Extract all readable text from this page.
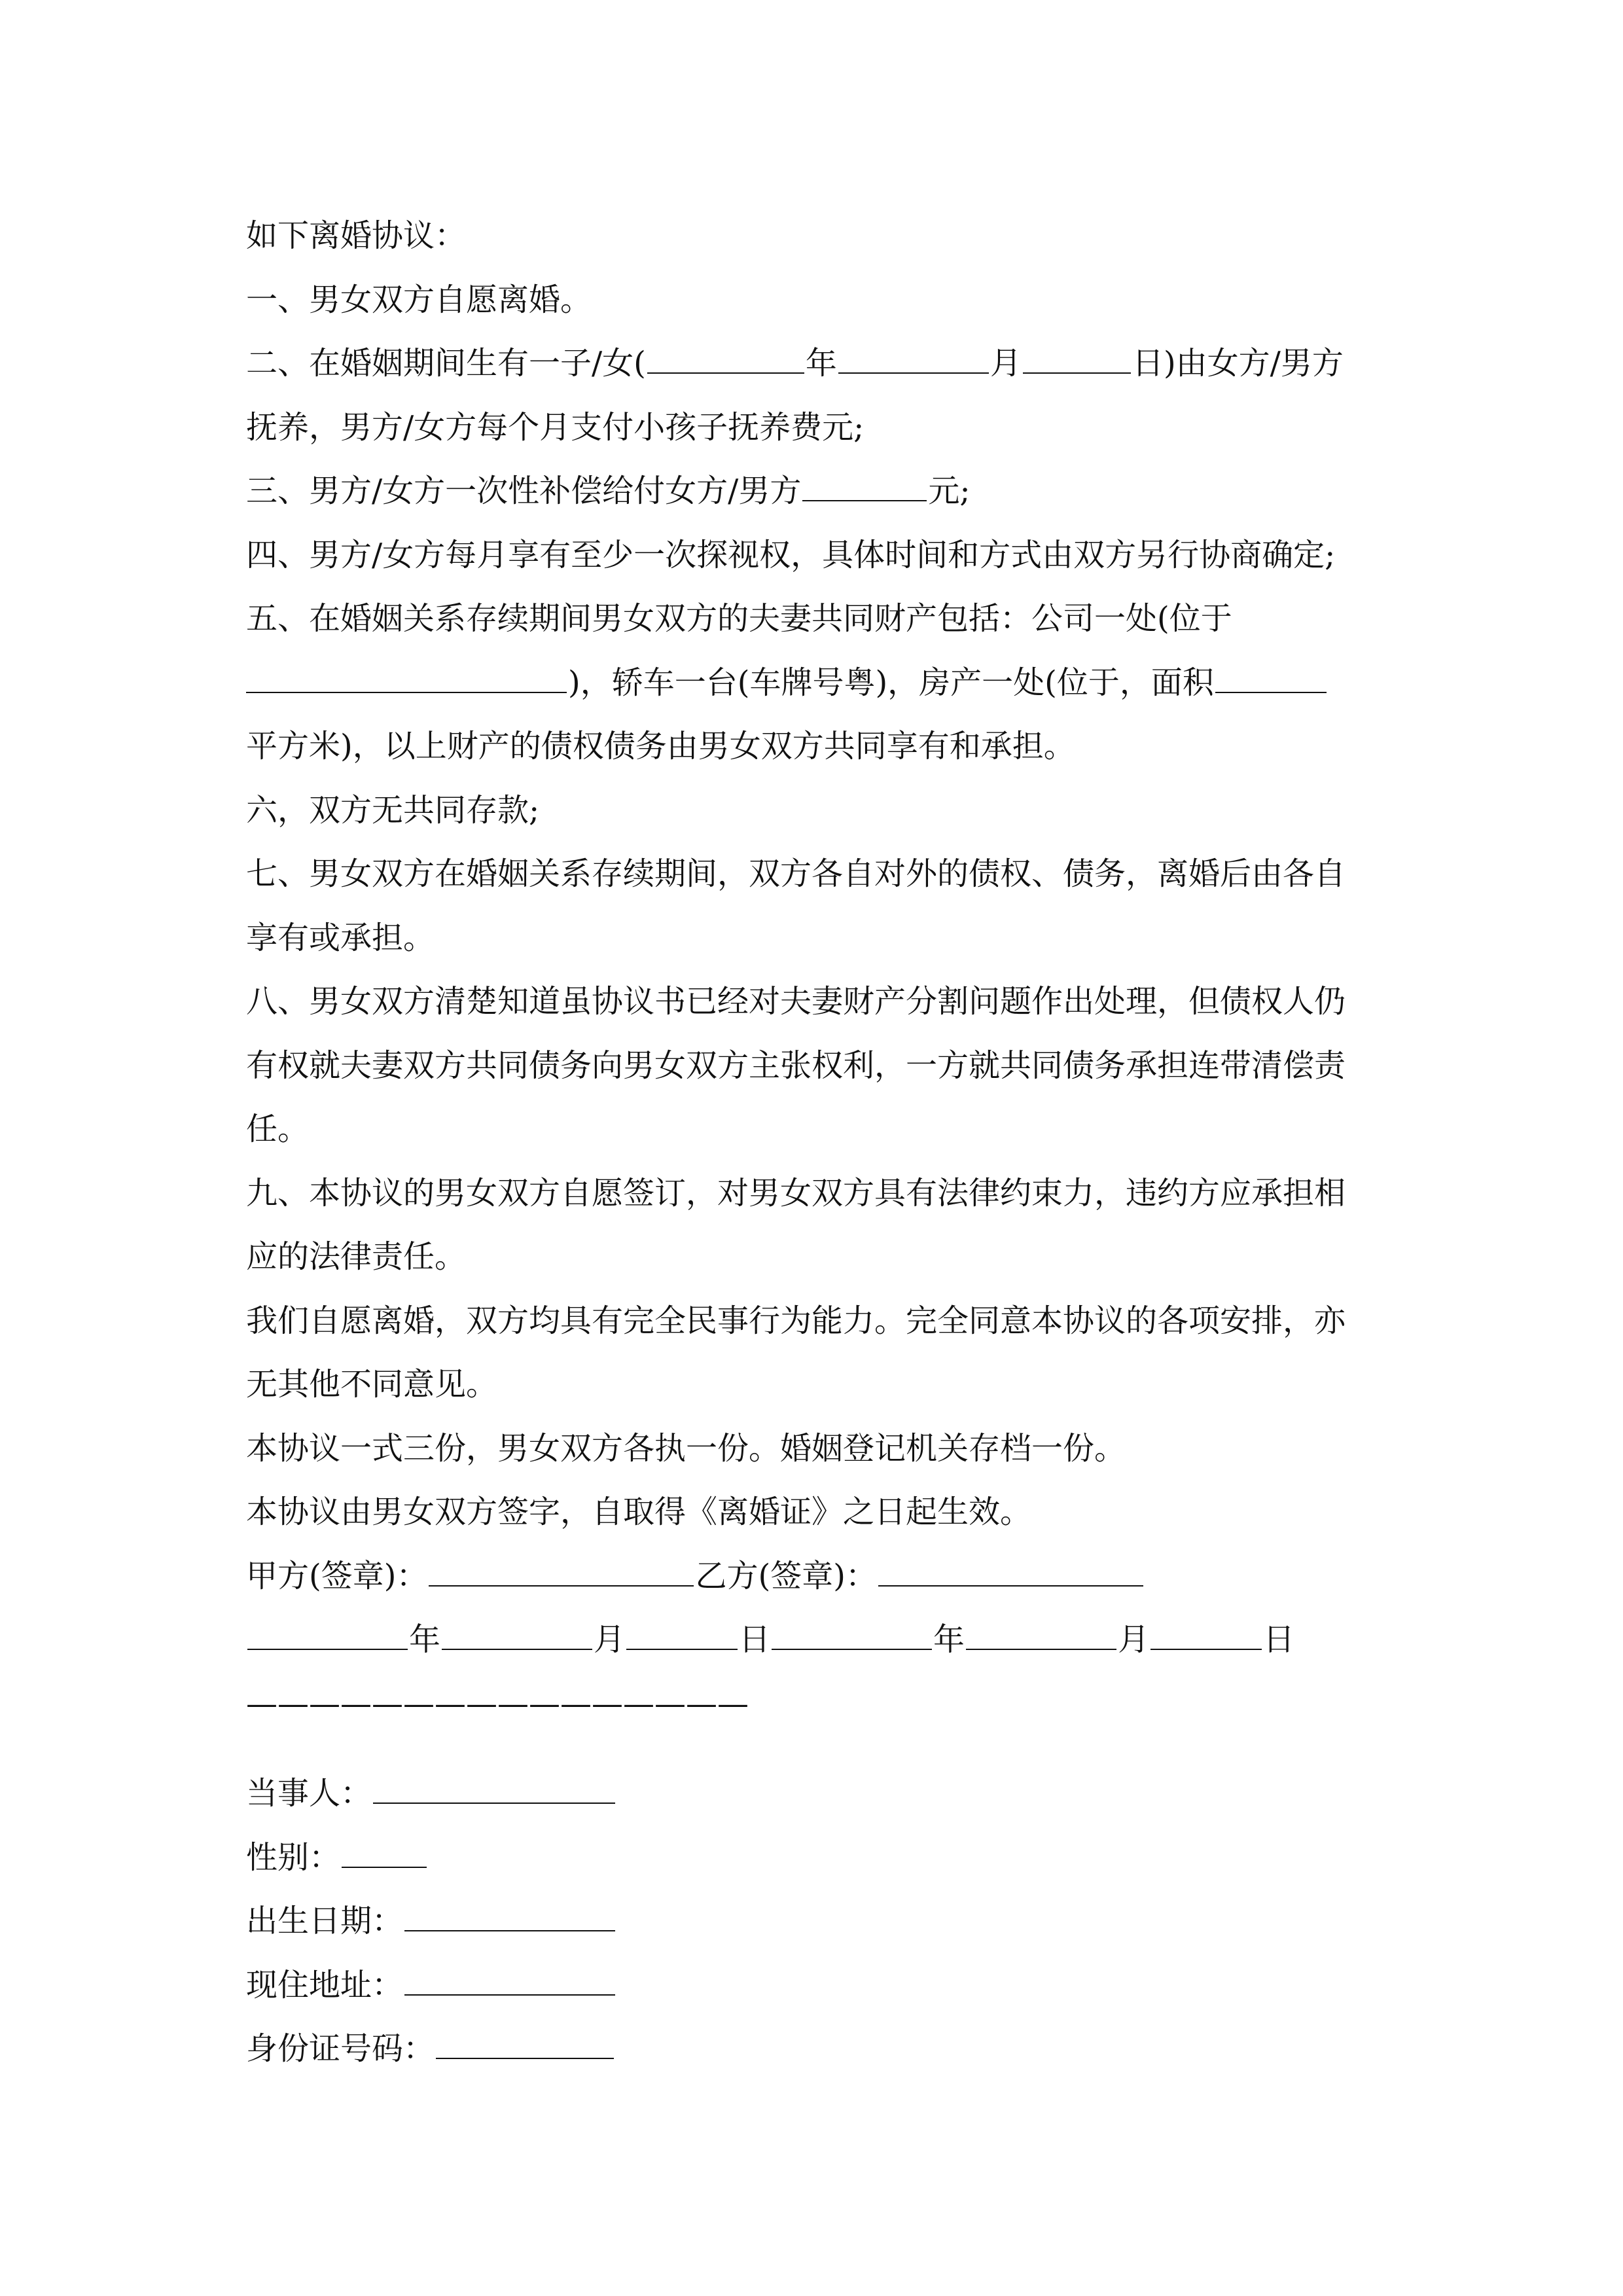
如下离婚协议：
一、男女双方自愿离婚。
二、在婚姻期间生有一子/女(	年	月	日)由女方/男方
抚养，男方/女方每个月支付小孩子抚养费元;
三、男方/女方一次性补偿给付女方/男方	元;
四、男方/女方每月享有至少一次探视权，具体时间和方式由双方另行协商确定;
五、在婚姻关系存续期间男女双方的夫妻共同财产包括：公司一处(位于
)，轿车一台(车牌号粤)，房产一处(位于，面积
平方米)，以上财产的债权债务由男女双方共同享有和承担。
六，双方无共同存款;
七、男女双方在婚姻关系存续期间，双方各自对外的债权、债务，离婚后由各自
享有或承担。
八、男女双方清楚知道虽协议书已经对夫妻财产分割问题作出处理，但债权人仍
有权就夫妻双方共同债务向男女双方主张权利，一方就共同债务承担连带清偿责
任。
九、本协议的男女双方自愿签订，对男女双方具有法律约束力，违约方应承担相
应的法律责任。
我们自愿离婚，双方均具有完全民事行为能力。完全同意本协议的各项安排，亦
无其他不同意见。
本协议一式三份，男女双方各执一份。婚姻登记机关存档一份。
本协议由男女双方签字，自取得《离婚证》之日起生效。
甲方(签章)：	乙方(签章)：
年	月	日	年	月	日
————————————————
当事人：
性别：
出生日期：
现住地址：
身份证号码：
